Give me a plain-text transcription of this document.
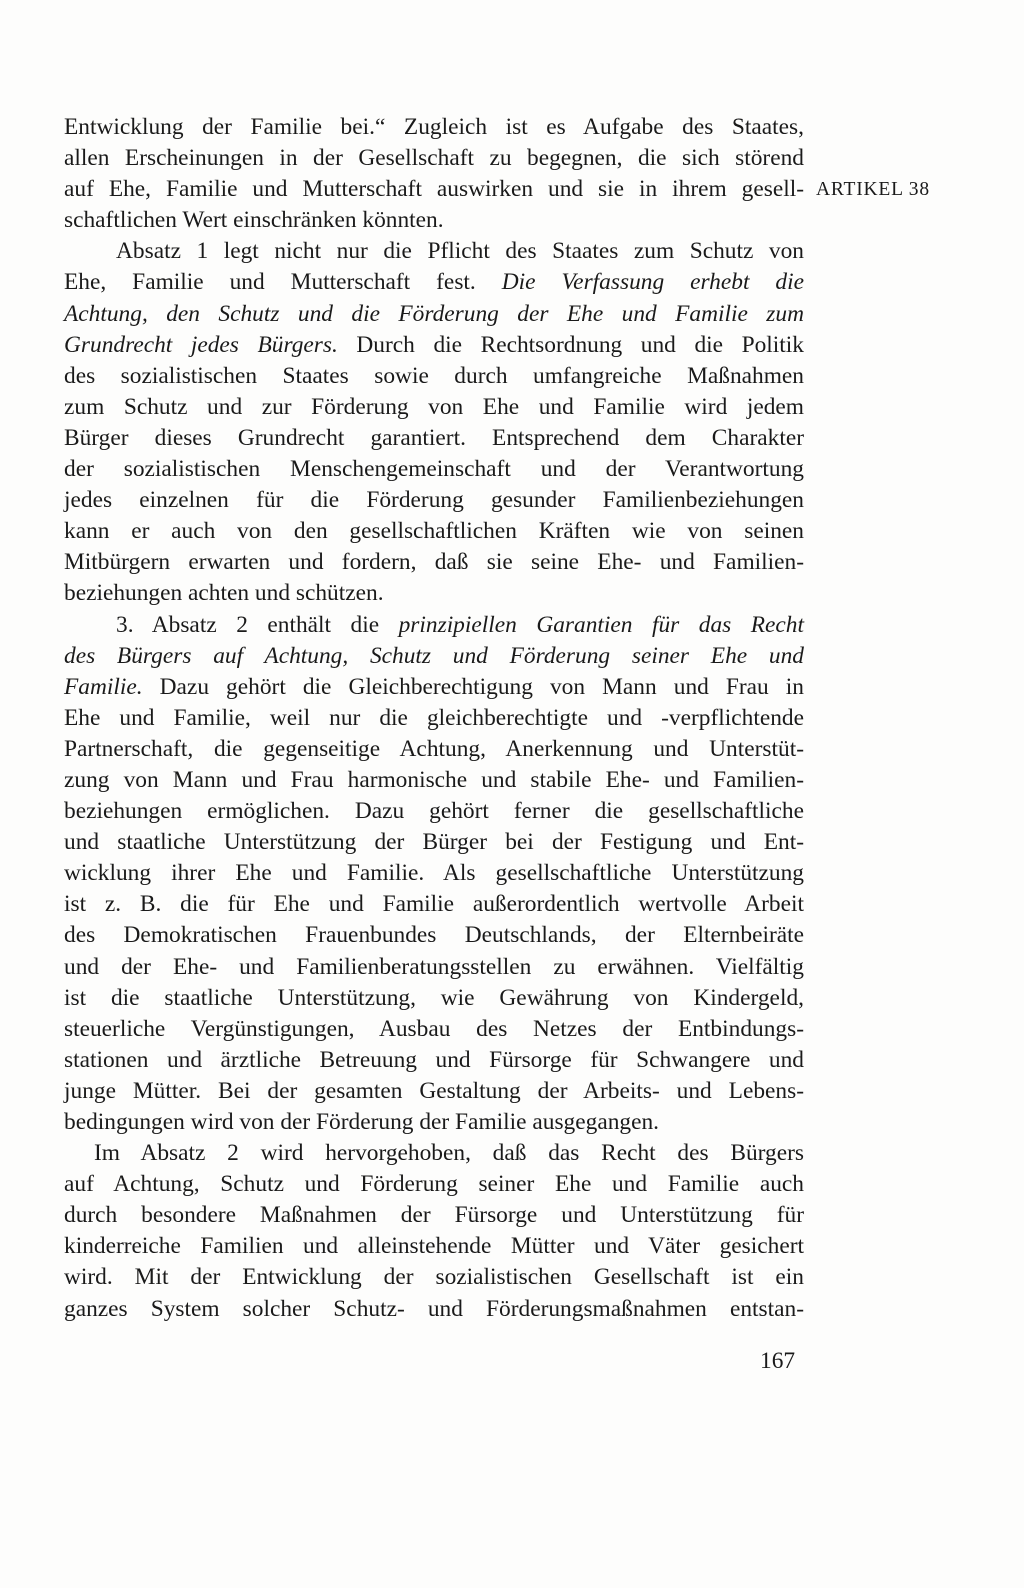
Entwicklung der Familie bei.“ Zugleich ist es Aufgabe des Staates,
allen Erscheinungen in der Gesellschaft zu begegnen, die sich störend
auf Ehe, Familie und Mutterschaft auswirken und sie in ihrem gesell-
schaftlichen Wert einschränken könnten.
Absatz 1 legt nicht nur die Pflicht des Staates zum Schutz von
Ehe, Familie und Mutterschaft fest. Die Verfassung erhebt die
Achtung, den Schutz und die Förderung der Ehe und Familie zum
Grundrecht jedes Bürgers. Durch die Rechtsordnung und die Politik
des sozialistischen Staates sowie durch umfangreiche Maßnahmen
zum Schutz und zur Förderung von Ehe und Familie wird jedem
Bürger dieses Grundrecht garantiert. Entsprechend dem Charakter
der sozialistischen Menschengemeinschaft und der Verantwortung
jedes einzelnen für die Förderung gesunder Familienbeziehungen
kann er auch von den gesellschaftlichen Kräften wie von seinen
Mitbürgern erwarten und fordern, daß sie seine Ehe- und Familien-
beziehungen achten und schützen.
3. Absatz 2 enthält die prinzipiellen Garantien für das Recht
des Bürgers auf Achtung, Schutz und Förderung seiner Ehe und
Familie. Dazu gehört die Gleichberechtigung von Mann und Frau in
Ehe und Familie, weil nur die gleichberechtigte und -verpflichtende
Partnerschaft, die gegenseitige Achtung, Anerkennung und Unterstüt-
zung von Mann und Frau harmonische und stabile Ehe- und Familien-
beziehungen ermöglichen. Dazu gehört ferner die gesellschaftliche
und staatliche Unterstützung der Bürger bei der Festigung und Ent-
wicklung ihrer Ehe und Familie. Als gesellschaftliche Unterstützung
ist z. B. die für Ehe und Familie außerordentlich wertvolle Arbeit
des Demokratischen Frauenbundes Deutschlands, der Elternbeiräte
und der Ehe- und Familienberatungsstellen zu erwähnen. Vielfältig
ist die staatliche Unterstützung, wie Gewährung von Kindergeld,
steuerliche Vergünstigungen, Ausbau des Netzes der Entbindungs-
stationen und ärztliche Betreuung und Fürsorge für Schwangere und
junge Mütter. Bei der gesamten Gestaltung der Arbeits- und Lebens-
bedingungen wird von der Förderung der Familie ausgegangen.
Im Absatz 2 wird hervorgehoben, daß das Recht des Bürgers
auf Achtung, Schutz und Förderung seiner Ehe und Familie auch
durch besondere Maßnahmen der Fürsorge und Unterstützung für
kinderreiche Familien und alleinstehende Mütter und Väter gesichert
wird. Mit der Entwicklung der sozialistischen Gesellschaft ist ein
ganzes System solcher Schutz- und Förderungsmaßnahmen entstan-
ARTIKEL 38
167
